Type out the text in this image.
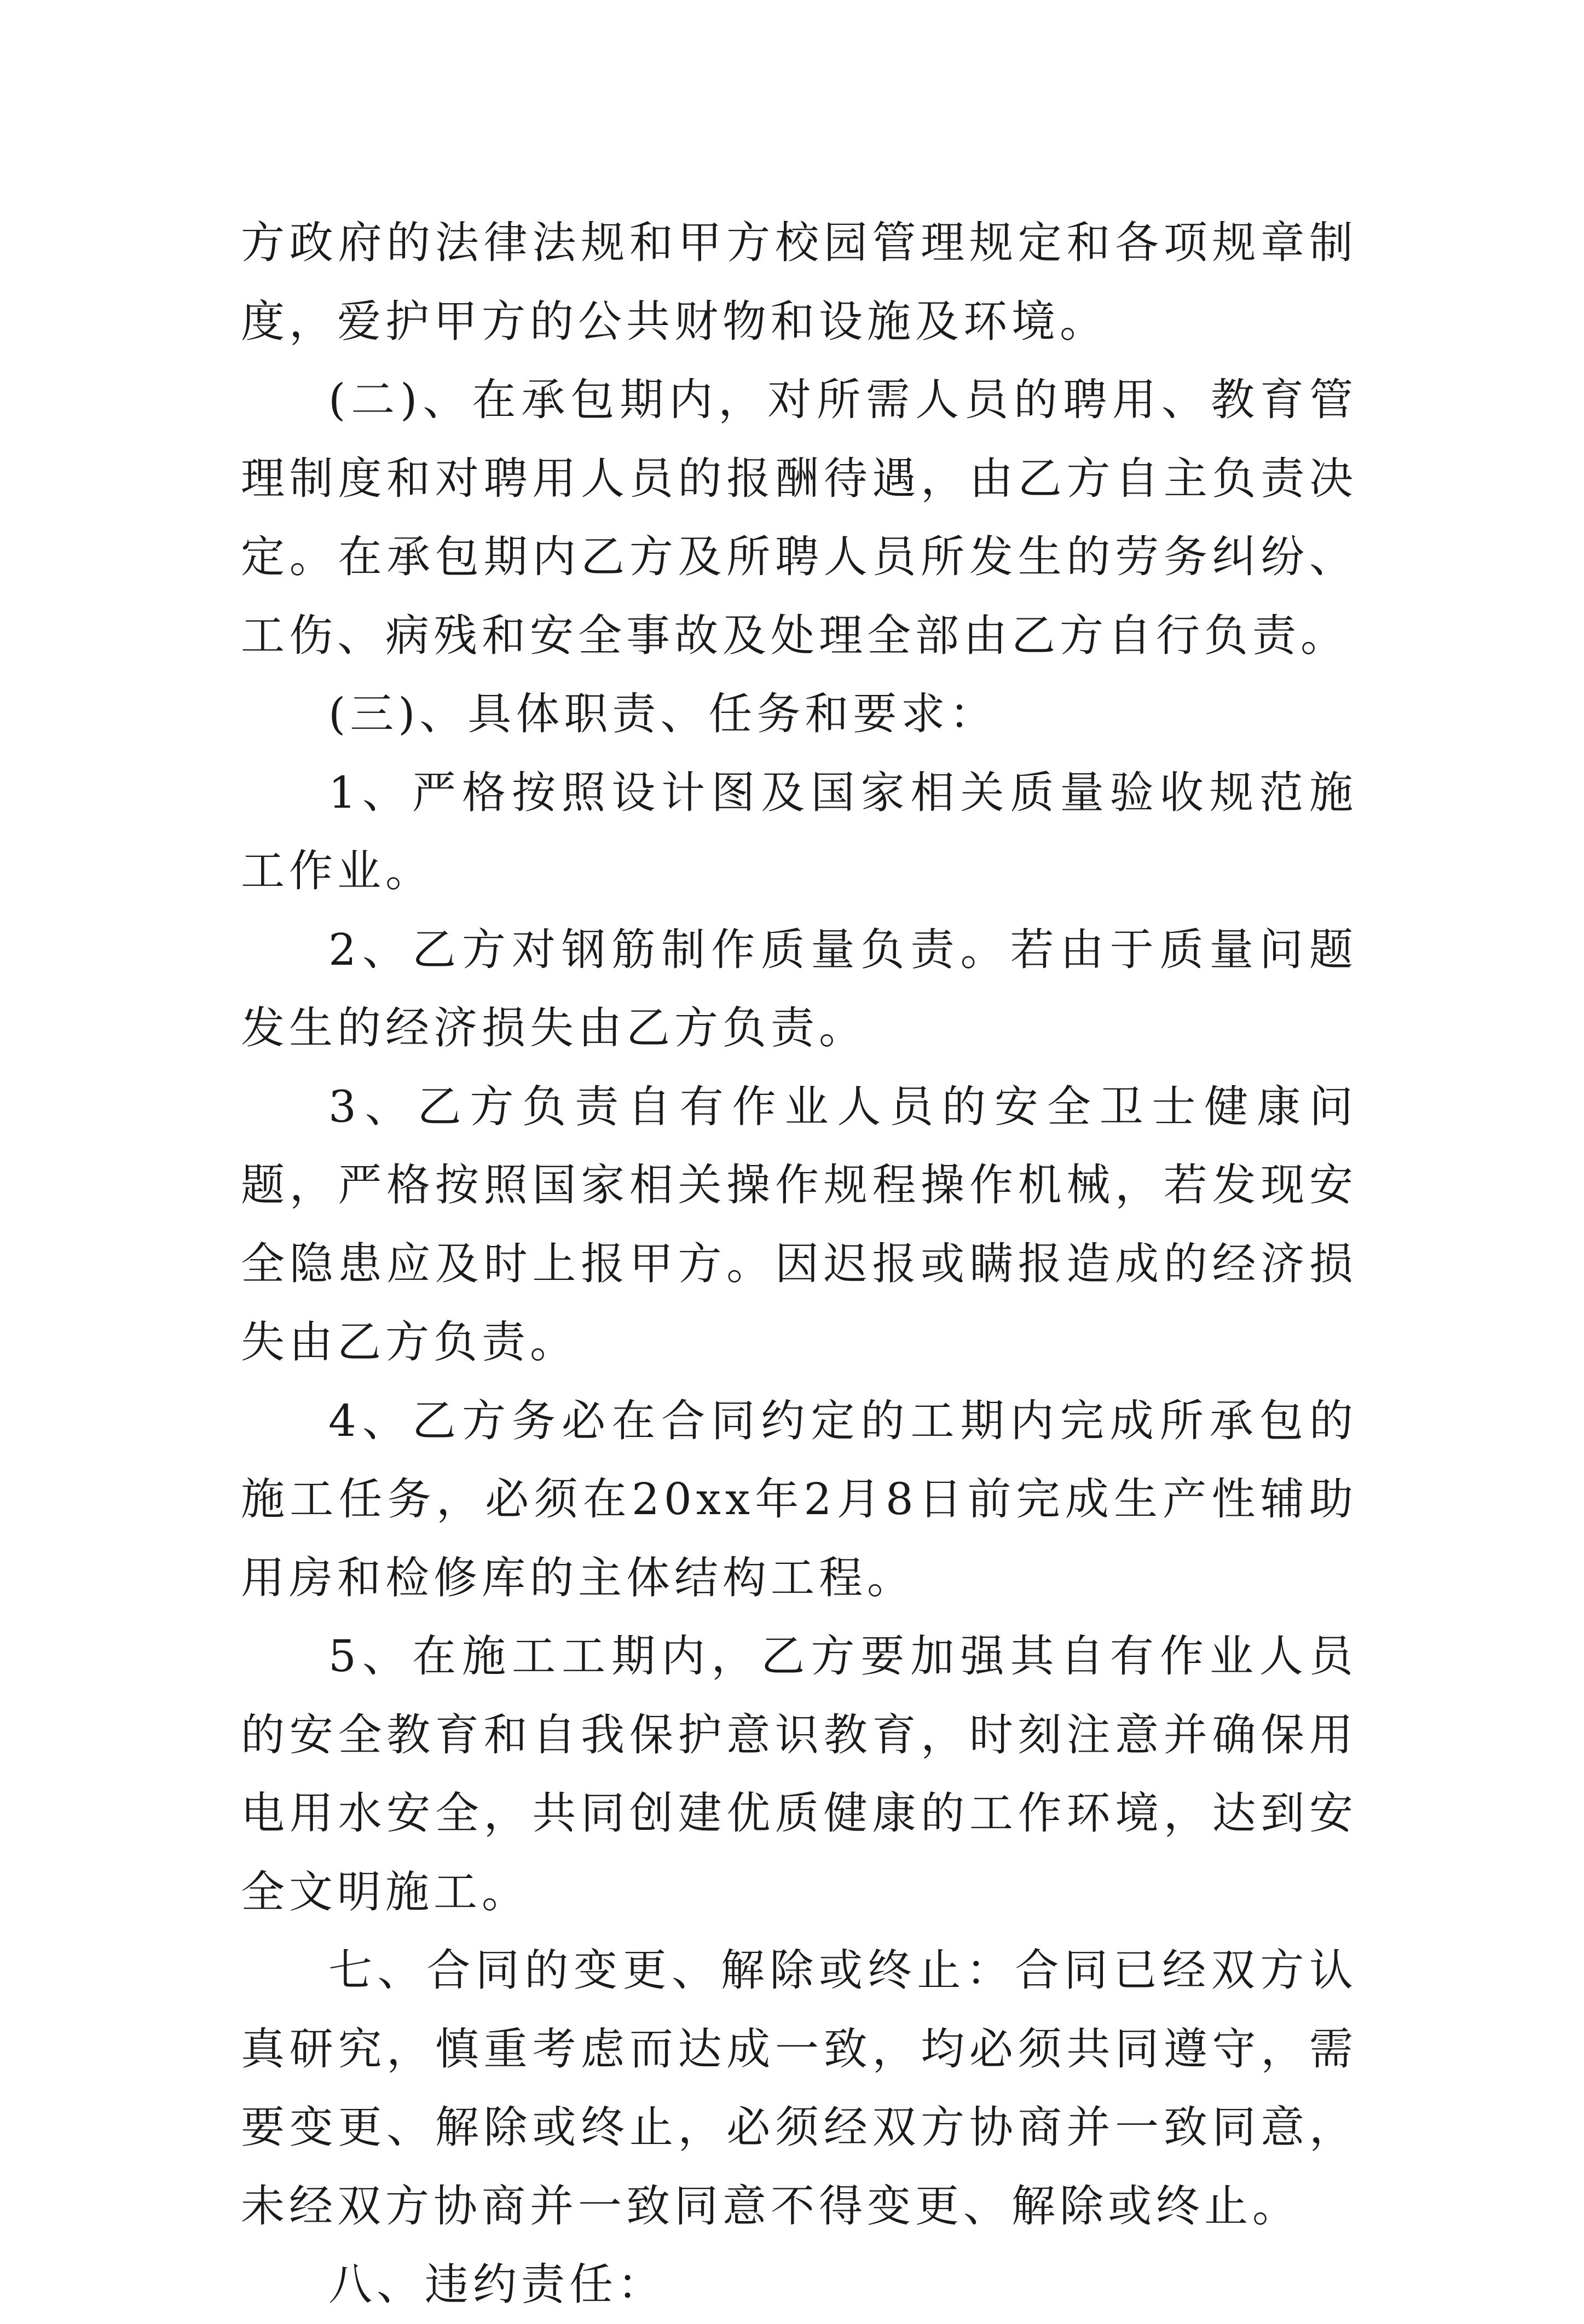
方政府的法律法规和甲方校园管理规定和各项规章制度，爱护甲方的公共财物和设施及环境。

(二)、在承包期内，对所需人员的聘用、教育管理制度和对聘用人员的报酬待遇，由乙方自主负责决定。在承包期内乙方及所聘人员所发生的劳务纠纷、工伤、病残和安全事故及处理全部由乙方自行负责。

(三)、具体职责、任务和要求：

1、严格按照设计图及国家相关质量验收规范施工作业。

2、乙方对钢筋制作质量负责。若由于质量问题发生的经济损失由乙方负责。

3、乙方负责自有作业人员的安全卫士健康问题，严格按照国家相关操作规程操作机械，若发现安全隐患应及时上报甲方。因迟报或瞒报造成的经济损失由乙方负责。

4、乙方务必在合同约定的工期内完成所承包的施工任务，必须在20xx年2月8日前完成生产性辅助用房和检修库的主体结构工程。

5、在施工工期内，乙方要加强其自有作业人员的安全教育和自我保护意识教育，时刻注意并确保用电用水安全，共同创建优质健康的工作环境，达到安全文明施工。

七、合同的变更、解除或终止：合同已经双方认真研究，慎重考虑而达成一致，均必须共同遵守，需要变更、解除或终止，必须经双方协商并一致同意，未经双方协商并一致同意不得变更、解除或终止。

八、违约责任：
